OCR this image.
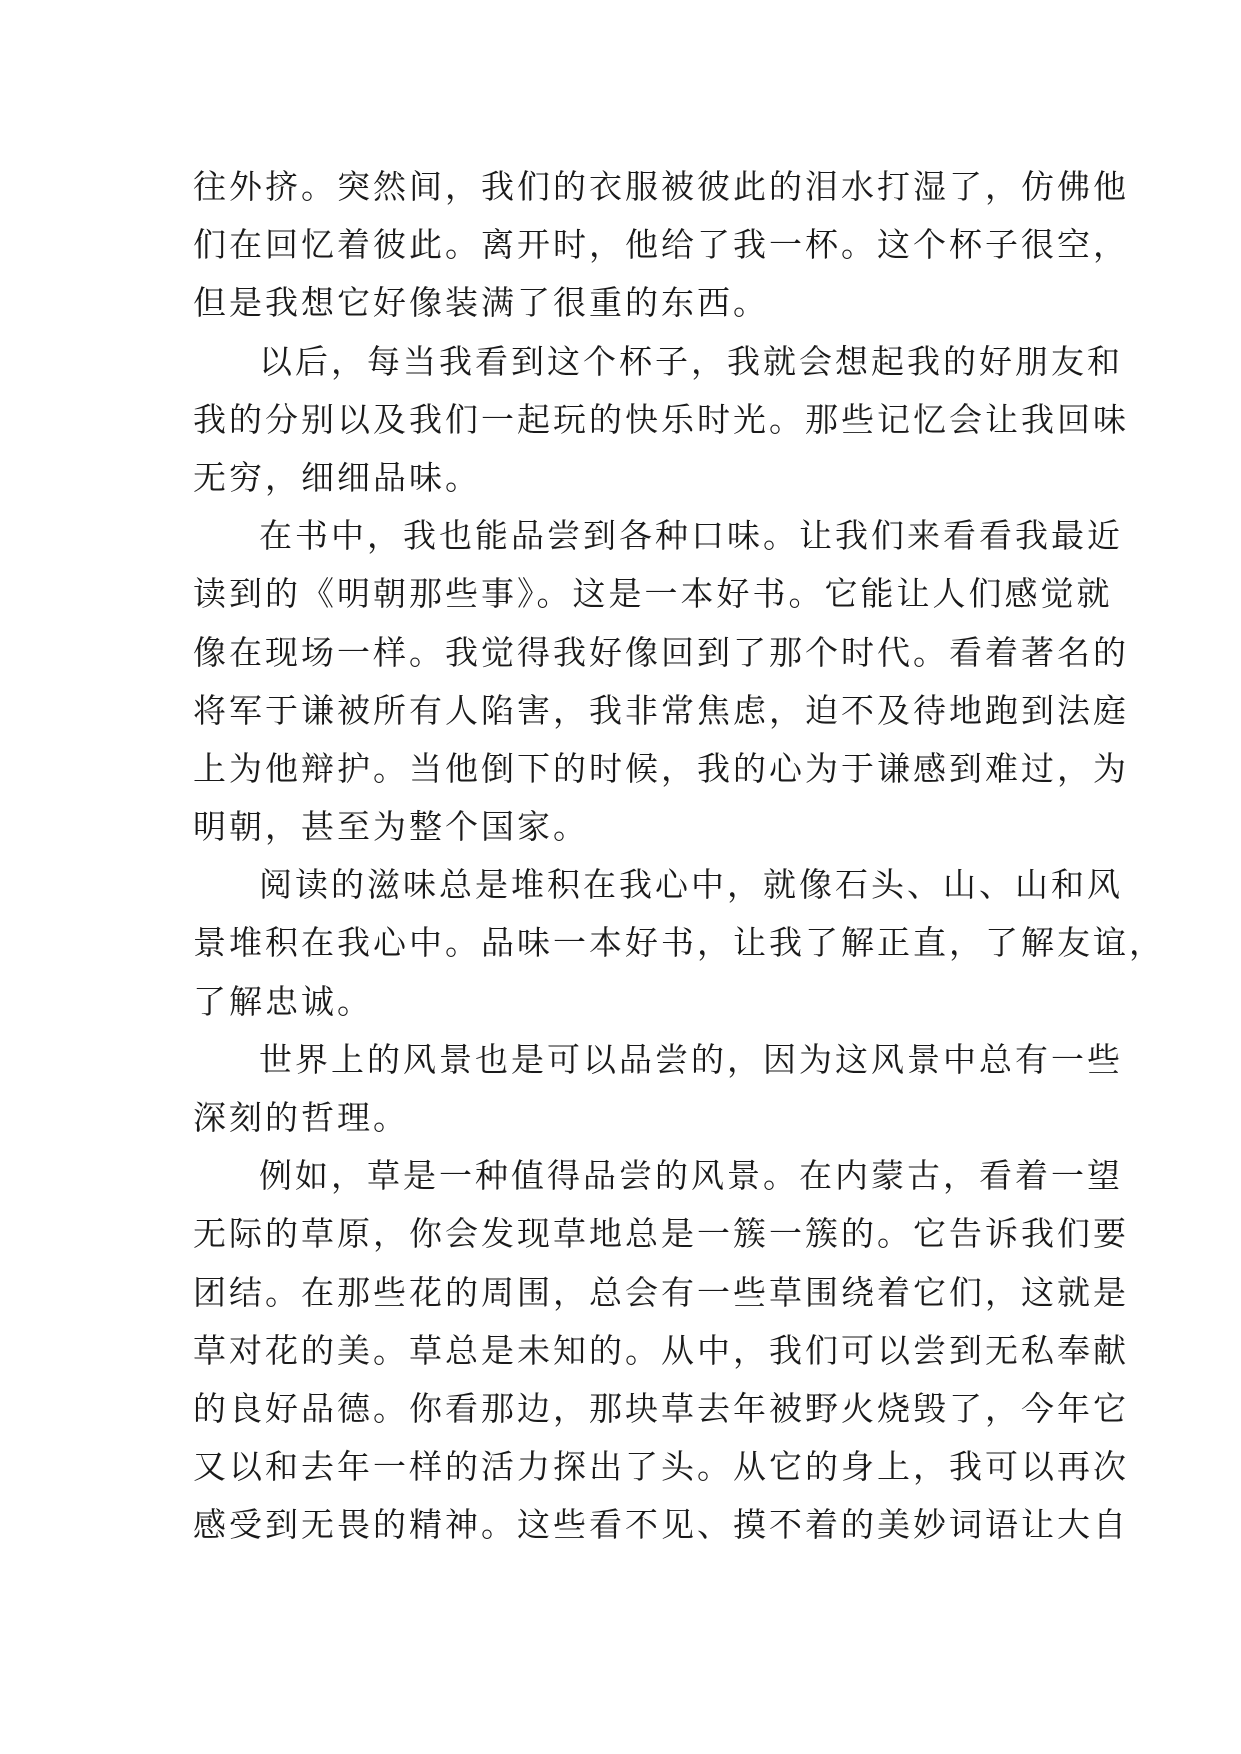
往外挤。突然间，我们的衣服被彼此的泪水打湿了，仿佛他
们在回忆着彼此。离开时，他给了我一杯。这个杯子很空，
但是我想它好像装满了很重的东西。
以后，每当我看到这个杯子，我就会想起我的好朋友和
我的分别以及我们一起玩的快乐时光。那些记忆会让我回味
无穷，细细品味。
在书中，我也能品尝到各种口味。让我们来看看我最近
读到的《明朝那些事》。这是一本好书。它能让人们感觉就
像在现场一样。我觉得我好像回到了那个时代。看着著名的
将军于谦被所有人陷害，我非常焦虑，迫不及待地跑到法庭
上为他辩护。当他倒下的时候，我的心为于谦感到难过，为
明朝，甚至为整个国家。
阅读的滋味总是堆积在我心中，就像石头、山、山和风
景堆积在我心中。品味一本好书，让我了解正直，了解友谊，
了解忠诚。
世界上的风景也是可以品尝的，因为这风景中总有一些
深刻的哲理。
例如，草是一种值得品尝的风景。在内蒙古，看着一望
无际的草原，你会发现草地总是一簇一簇的。它告诉我们要
团结。在那些花的周围，总会有一些草围绕着它们，这就是
草对花的美。草总是未知的。从中，我们可以尝到无私奉献
的良好品德。你看那边，那块草去年被野火烧毁了，今年它
又以和去年一样的活力探出了头。从它的身上，我可以再次
感受到无畏的精神。这些看不见、摸不着的美妙词语让大自
